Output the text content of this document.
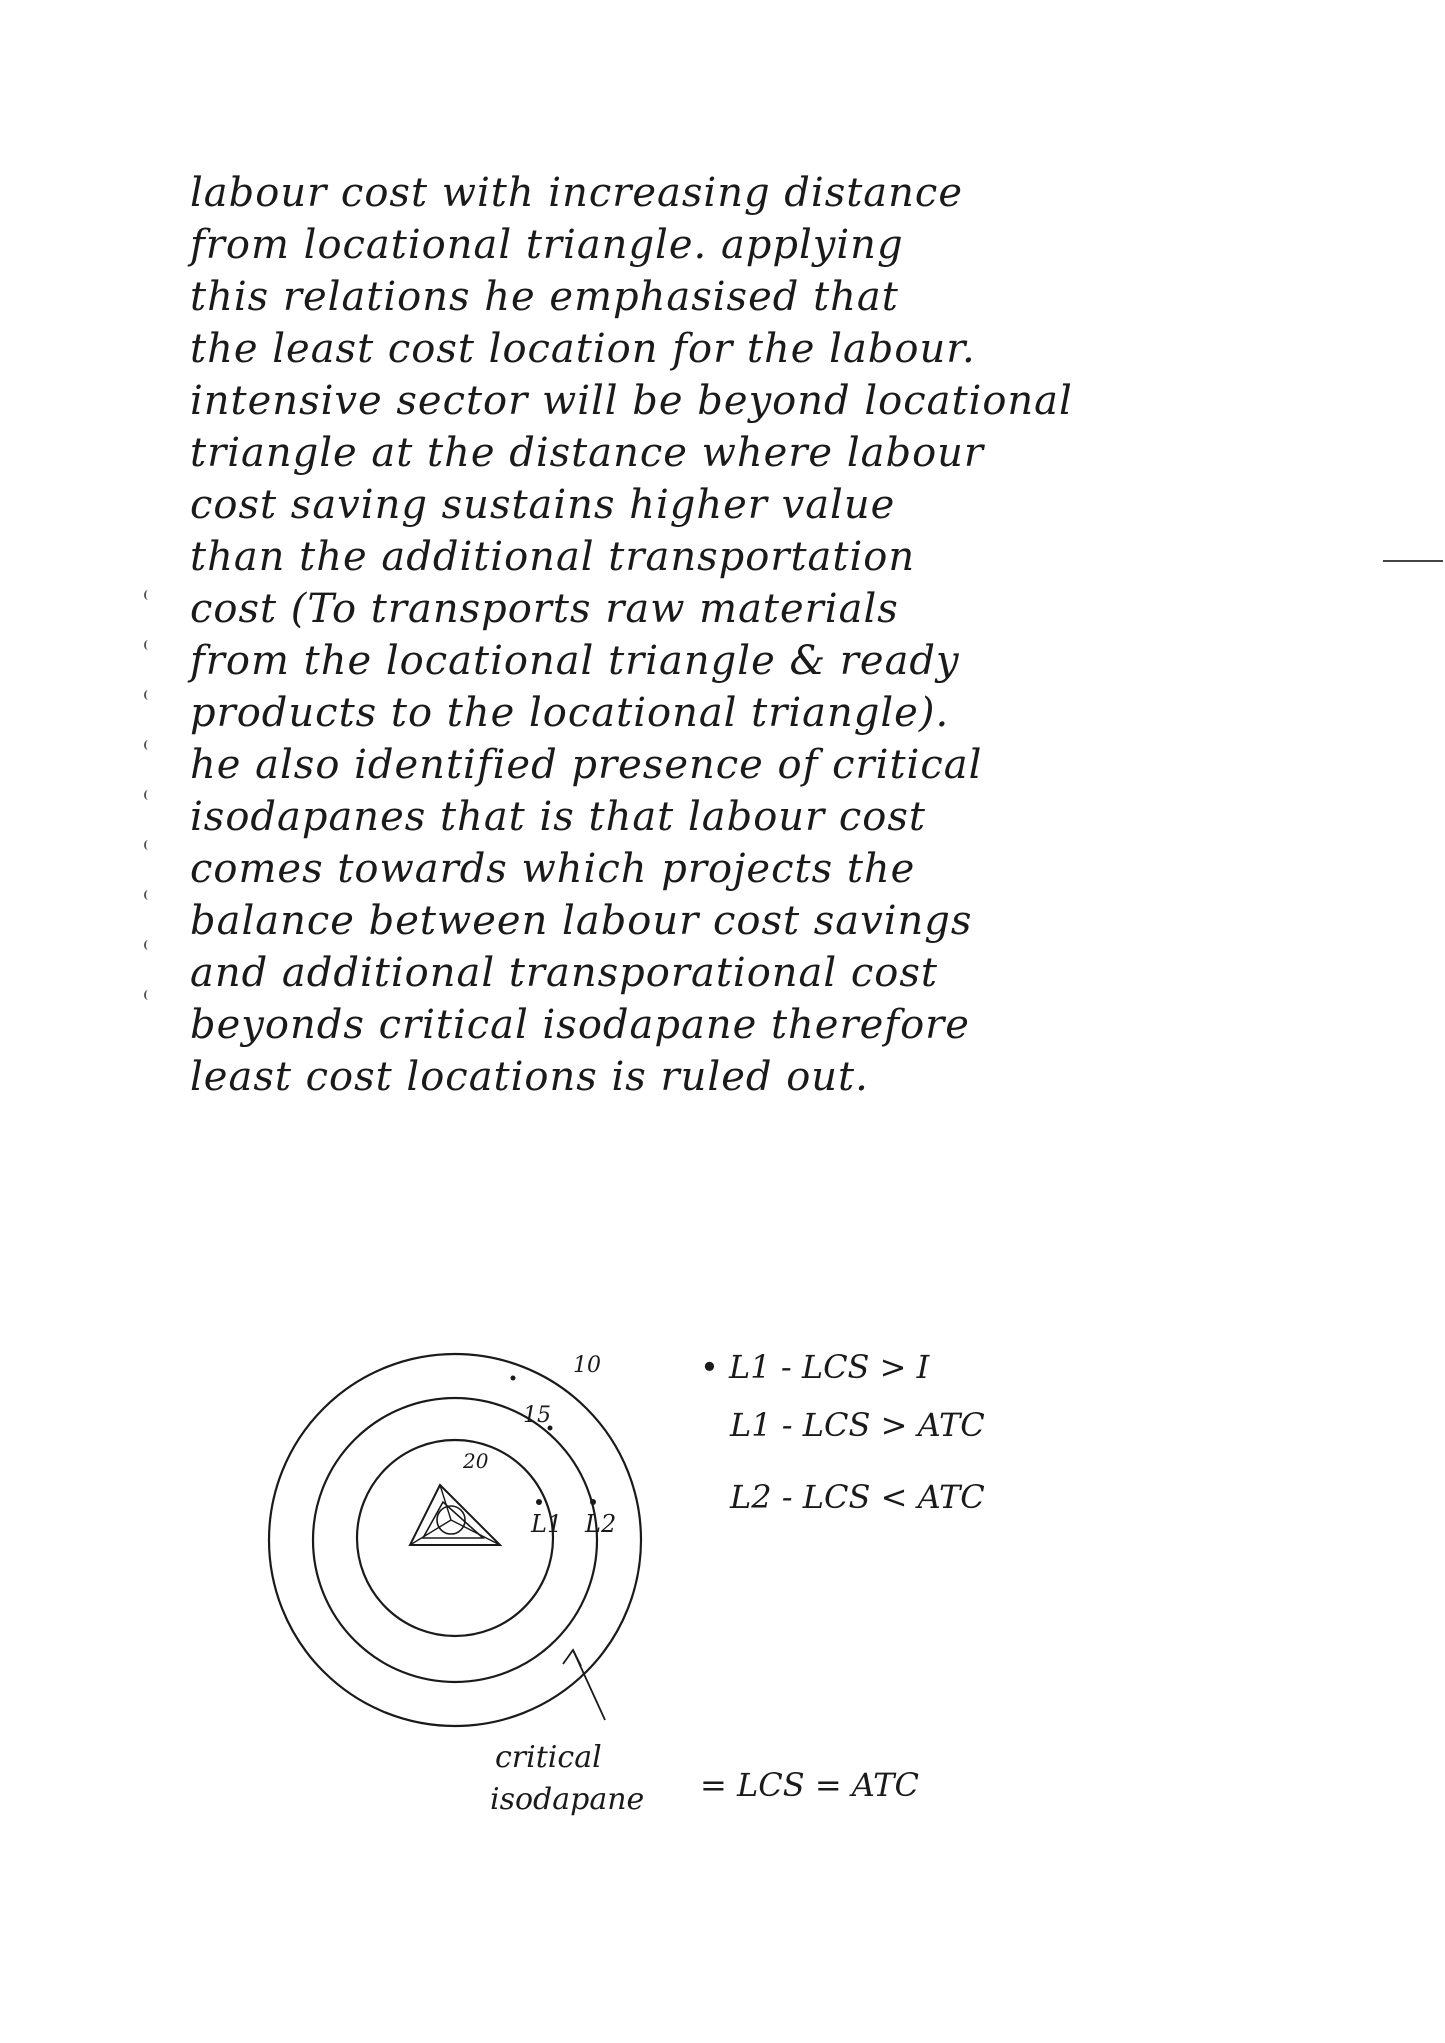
labour cost with increasing distance
from locational triangle. applying
this relations he emphasised that
the least cost location for the labour.
intensive sector will be beyond locational
triangle at the distance where labour
cost saving sustains higher value
than the additional transportation
cost (To transports raw materials
from the locational triangle & ready
products to the locational triangle).
he also identified presence of critical
isodapanes that is that labour cost
comes towards which projects the
balance between labour cost savings
and additional transporational cost
beyonds critical isodapane therefore
least cost locations is ruled out.
10
15
20
L1 L2
critical
isodapane = LCS = ATC
• L1 - LCS > I
L1 - LCS > ATC
L2 - LCS < ATC
